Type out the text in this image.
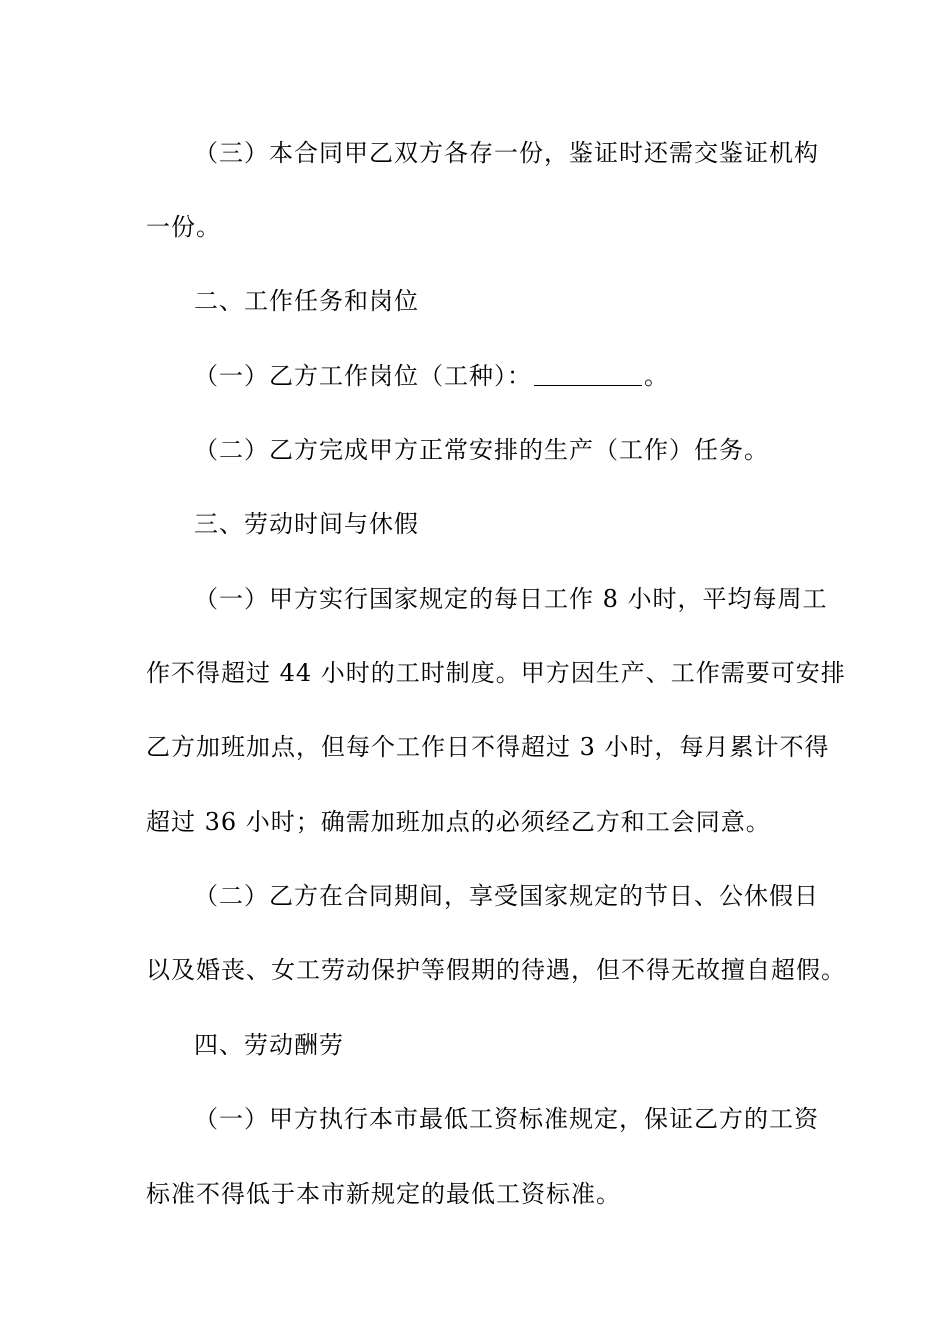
（三）本合同甲乙双方各存一份，鉴证时还需交鉴证机构
一份。
二、工作任务和岗位
（一）乙方工作岗位（工种）：	。
（二）乙方完成甲方正常安排的生产（工作）任务。
三、劳动时间与休假
（一）甲方实行国家规定的每日工作 8 小时，平均每周工
作不得超过 44 小时的工时制度。甲方因生产、工作需要可安排
乙方加班加点，但每个工作日不得超过 3 小时，每月累计不得
超过 36 小时；确需加班加点的必须经乙方和工会同意。
（二）乙方在合同期间，享受国家规定的节日、公休假日
以及婚丧、女工劳动保护等假期的待遇，但不得无故擅自超假。
四、劳动酬劳
（一）甲方执行本市最低工资标准规定，保证乙方的工资
标准不得低于本市新规定的最低工资标准。
